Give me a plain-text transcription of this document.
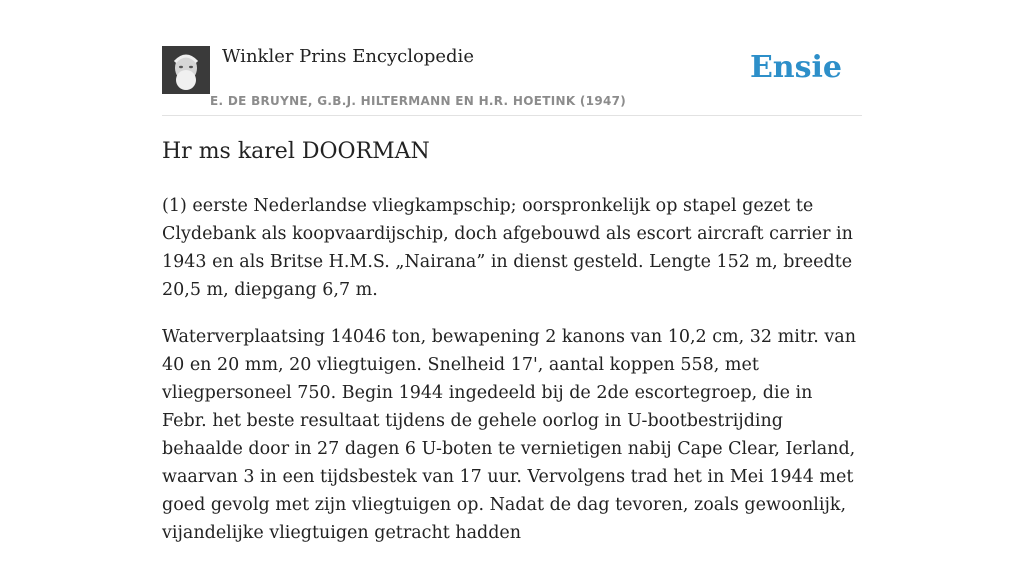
Winkler Prins Encyclopedie
E. DE BRUYNE, G.B.J. HILTERMANN EN H.R. HOETINK (1947)
Ensie
Hr ms karel DOORMAN

(1) eerste Nederlandse vliegkampschip; oorspronkelijk op stapel gezet te Clydebank als koopvaardijschip, doch afgebouwd als escort aircraft carrier in 1943 en als Britse H.M.S. „Nairana” in dienst gesteld. Lengte 152 m, breedte 20,5 m, diepgang 6,7 m.

Waterverplaatsing 14046 ton, bewapening 2 kanons van 10,2 cm, 32 mitr. van 40 en 20 mm, 20 vliegtuigen. Snelheid 17', aantal koppen 558, met vliegpersoneel 750. Begin 1944 ingedeeld bij de 2de escortegroep, die in Febr. het beste resultaat tijdens de gehele oorlog in U-bootbestrijding behaalde door in 27 dagen 6 U-boten te vernietigen nabij Cape Clear, Ierland, waarvan 3 in een tijdsbestek van 17 uur. Vervolgens trad het in Mei 1944 met goed gevolg met zijn vliegtuigen op. Nadat de dag tevoren, zoals gewoonlijk, vijandelijke vliegtuigen getracht hadden
